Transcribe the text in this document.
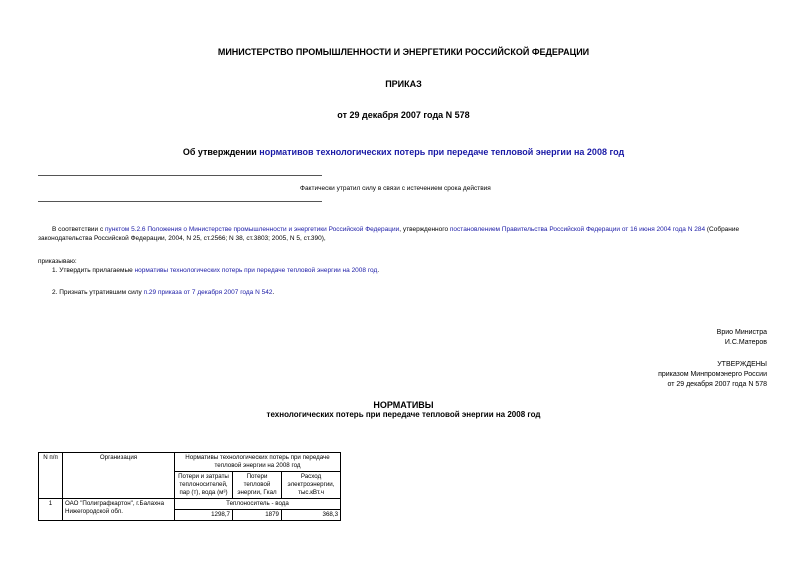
МИНИСТЕРСТВО ПРОМЫШЛЕННОСТИ И ЭНЕРГЕТИКИ РОССИЙСКОЙ ФЕДЕРАЦИИ
ПРИКАЗ
от 29 декабря 2007 года N 578
Об утверждении нормативов технологических потерь при передаче тепловой энергии на 2008 год
Фактически утратил силу в связи с истечением срока действия
В соответствии с пунктом 5.2.6 Положения о Министерстве промышленности и энергетики Российской Федерации, утвержденного постановлением Правительства Российской Федерации от 16 июня 2004 года N 284 (Собрание законодательства Российской Федерации, 2004, N 25, ст.2566; N 38, ст.3803; 2005, N 5, ст.390),
приказываю:
1. Утвердить прилагаемые нормативы технологических потерь при передаче тепловой энергии на 2008 год.
2. Признать утратившим силу п.29 приказа от 7 декабря 2007 года N 542.
Врио Министра
И.С.Матеров
УТВЕРЖДЕНЫ
приказом Минпромэнерго России
от 29 декабря 2007 года N 578
НОРМАТИВЫ
технологических потерь при передаче тепловой энергии на 2008 год
N п/п	Организация	Нормативы технологических потерь при передаче тепловой энергии на 2008 год		
		Потери и затраты теплоносителей, пар (т), вода (м³)	Потери тепловой энергии, Гкал	Расход электроэнергии, тыс.кВт.ч
1	ОАО "Полиграфкартон", г.Балахна Нижегородской обл.	Теплоноситель - вода		
		1298,7	1879	368,3
